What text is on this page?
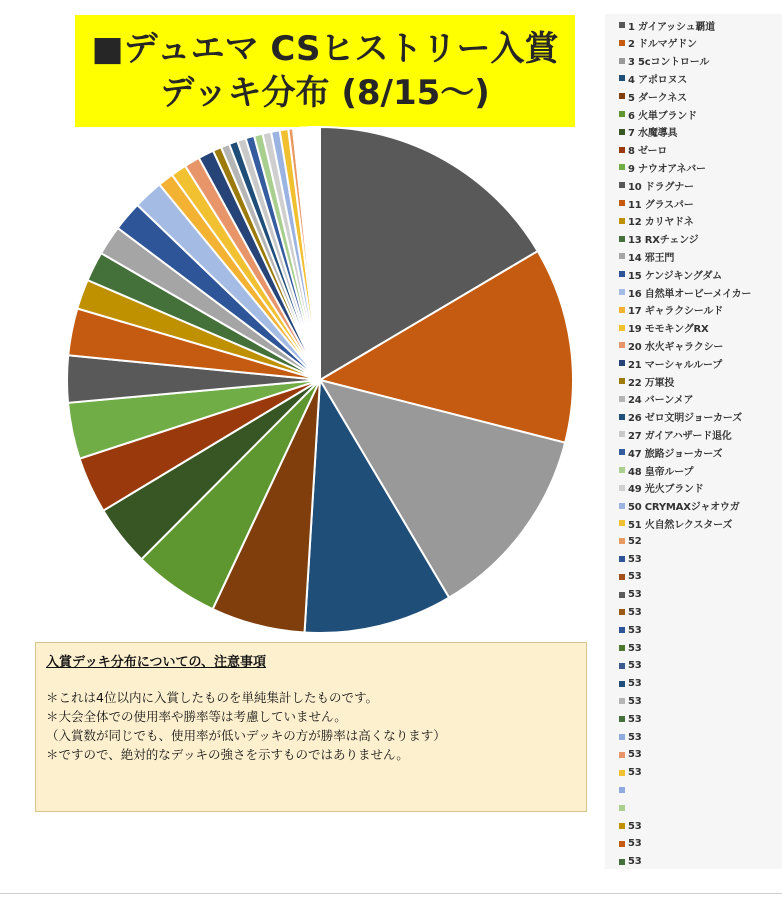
■デュエマ CSヒストリー入賞
デッキ分布 (8/15～)
1 ガイアッシュ覇道
2 ドルマゲドン
3 5cコントロール
4 アポロヌス
5 ダークネス
6 火単ブランド
7 水魔導具
8 ゼーロ
9 ナウオアネバー
10 ドラグナー
11 グラスパー
12 カリヤドネ
13 RXチェンジ
14 邪王門
15 ケンジキングダム
16 自然単オービーメイカー
17 ギャラクシールド
19 モモキングRX
20 水火ギャラクシー
21 マーシャルループ
22 万軍投
24 バーンメア
26 ゼロ文明ジョーカーズ
27 ガイアハザード退化
47 旅路ジョーカーズ
48 皇帝ループ
49 光火ブランド
50 CRYMAXジャオウガ
51 火自然レクスターズ
52
53
53
53
53
53
53
53
53
53
53
53
53
53
53
53
53
入賞デッキ分布についての、注意事項
＊これは4位以内に入賞したものを単純集計したものです。
＊大会全体での使用率や勝率等は考慮していません。
（入賞数が同じでも、使用率が低いデッキの方が勝率は高くなります）
＊ですので、絶対的なデッキの強さを示すものではありません。
